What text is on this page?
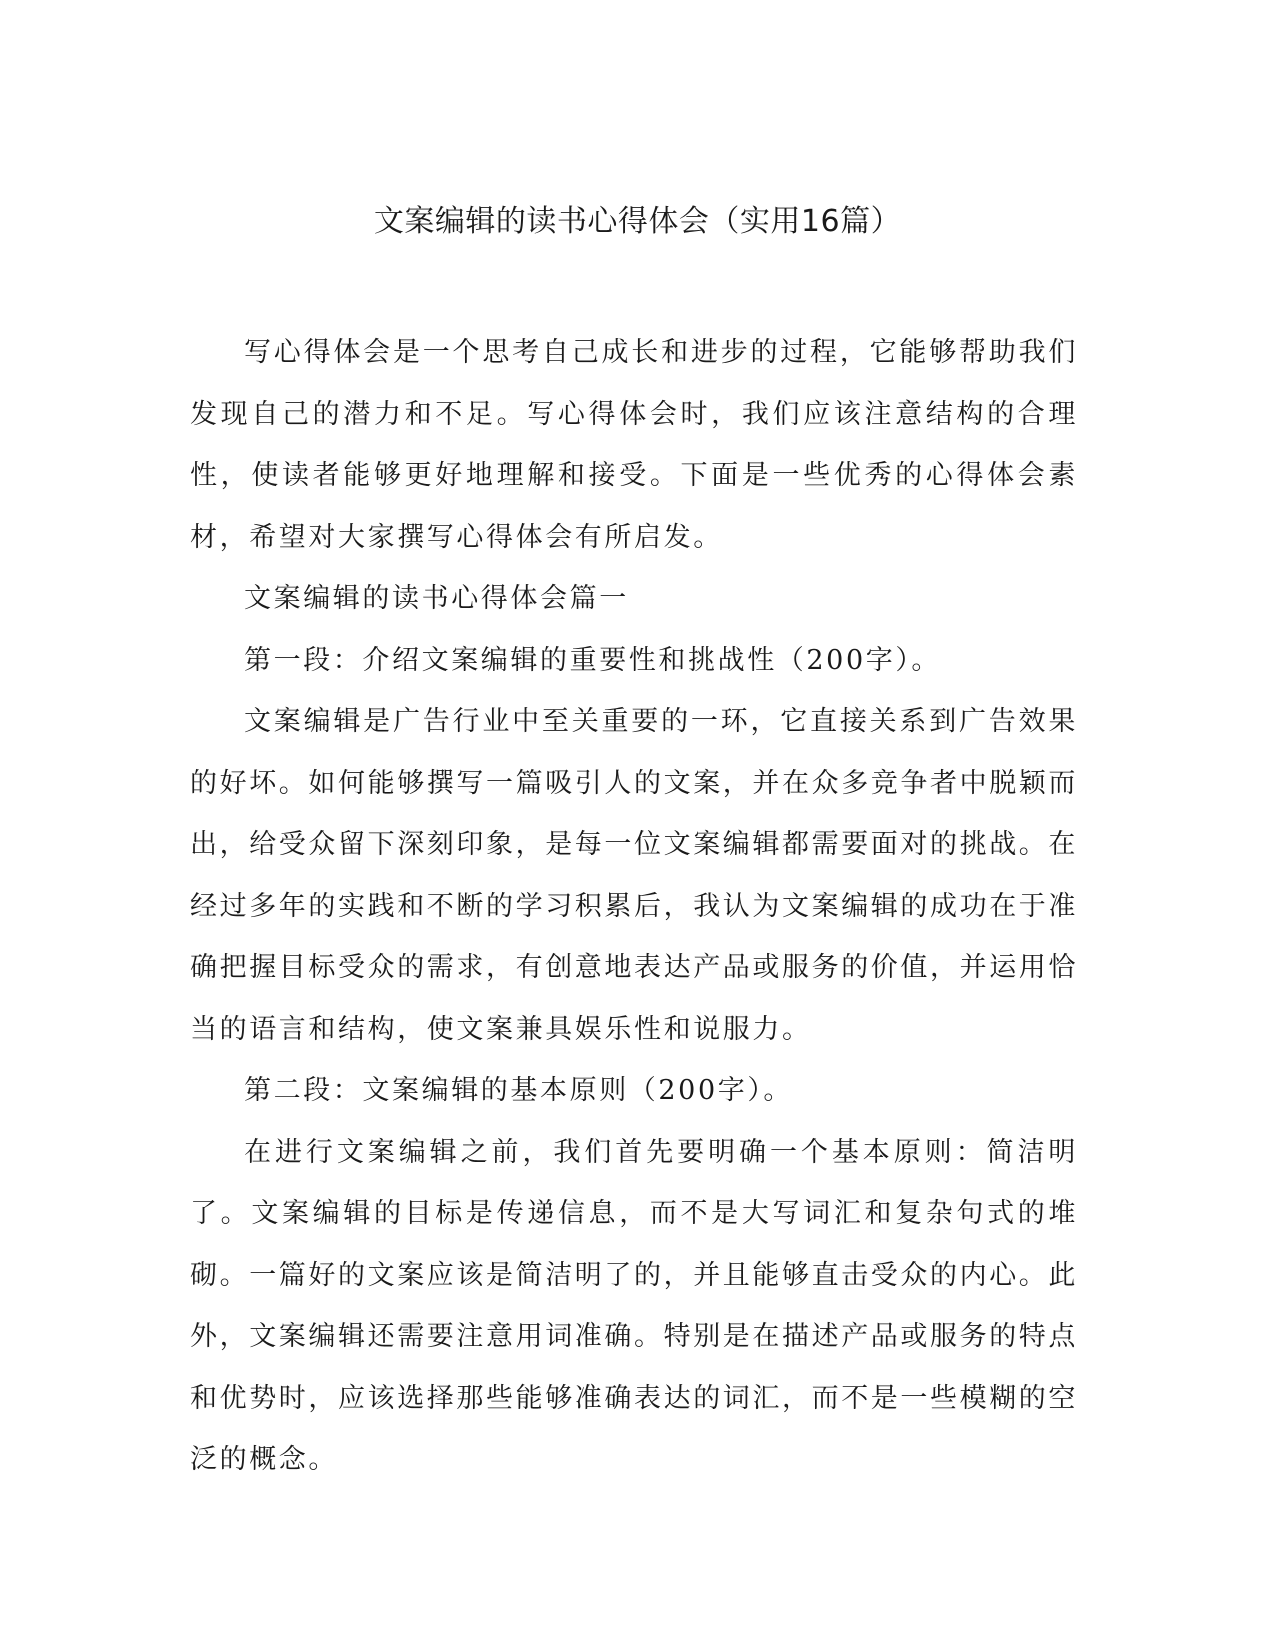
文案编辑的读书心得体会（实用16篇）

写心得体会是一个思考自己成长和进步的过程，它能够帮助我们发现自己的潜力和不足。写心得体会时，我们应该注意结构的合理性，使读者能够更好地理解和接受。下面是一些优秀的心得体会素材，希望对大家撰写心得体会有所启发。

文案编辑的读书心得体会篇一

第一段：介绍文案编辑的重要性和挑战性（200字）。

文案编辑是广告行业中至关重要的一环，它直接关系到广告效果的好坏。如何能够撰写一篇吸引人的文案，并在众多竞争者中脱颖而出，给受众留下深刻印象，是每一位文案编辑都需要面对的挑战。在经过多年的实践和不断的学习积累后，我认为文案编辑的成功在于准确把握目标受众的需求，有创意地表达产品或服务的价值，并运用恰当的语言和结构，使文案兼具娱乐性和说服力。

第二段：文案编辑的基本原则（200字）。

在进行文案编辑之前，我们首先要明确一个基本原则：简洁明了。文案编辑的目标是传递信息，而不是大写词汇和复杂句式的堆砌。一篇好的文案应该是简洁明了的，并且能够直击受众的内心。此外，文案编辑还需要注意用词准确。特别是在描述产品或服务的特点和优势时，应该选择那些能够准确表达的词汇，而不是一些模糊的空泛的概念。
